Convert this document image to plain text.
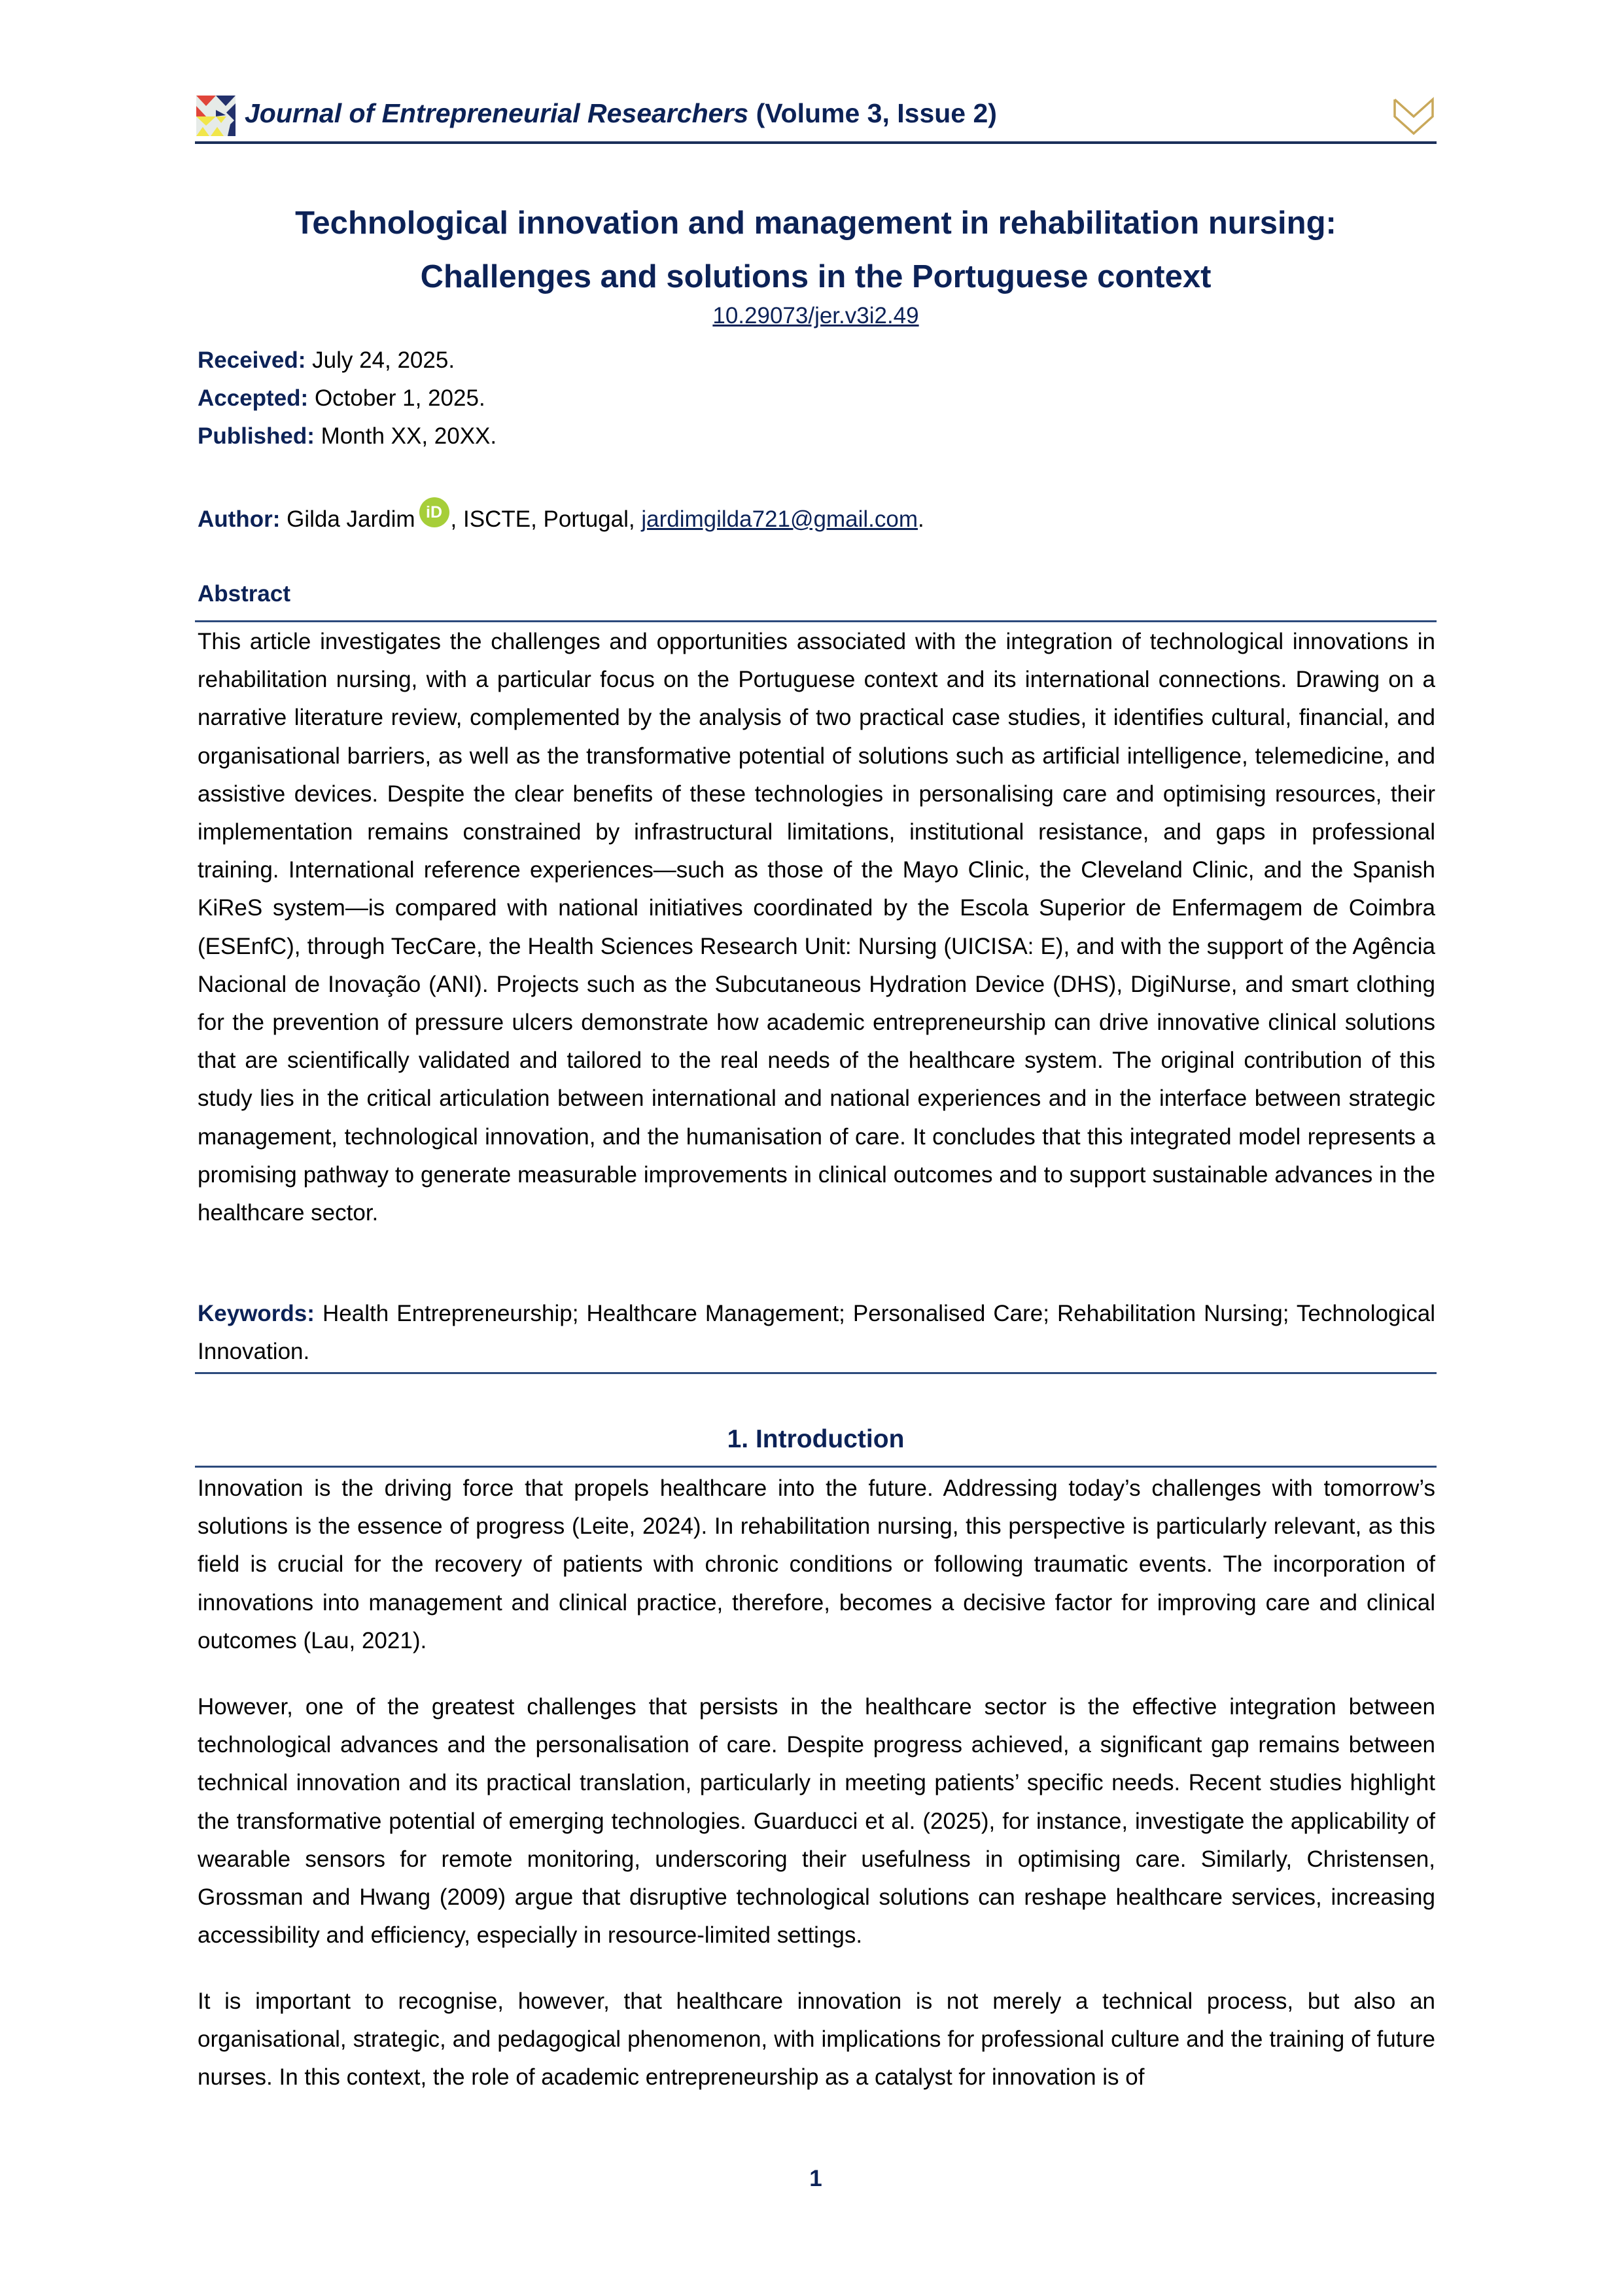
Journal of Entrepreneurial Researchers (Volume 3, Issue 2)
Technological innovation and management in rehabilitation nursing:
Challenges and solutions in the Portuguese context
10.29073/jer.v3i2.49
Received: July 24, 2025.
Accepted: October 1, 2025.
Published: Month XX, 20XX.
Author: Gilda Jardim iD , ISCTE, Portugal, jardimgilda721@gmail.com.
Abstract
This article investigates the challenges and opportunities associated with the integration of technological innovations in rehabilitation nursing, with a particular focus on the Portuguese context and its international connections. Drawing on a narrative literature review, complemented by the analysis of two practical case studies, it identifies cultural, financial, and organisational barriers, as well as the transformative potential of solutions such as artificial intelligence, telemedicine, and assistive devices. Despite the clear benefits of these technologies in personalising care and optimising resources, their implementation remains constrained by infrastructural limitations, institutional resistance, and gaps in professional training. International reference experiences—such as those of the Mayo Clinic, the Cleveland Clinic, and the Spanish KiReS system—is compared with national initiatives coordinated by the Escola Superior de Enfermagem de Coimbra (ESEnfC), through TecCare, the Health Sciences Research Unit: Nursing (UICISA: E), and with the support of the Agência Nacional de Inovação (ANI). Projects such as the Subcutaneous Hydration Device (DHS), DigiNurse, and smart clothing for the prevention of pressure ulcers demonstrate how academic entrepreneurship can drive innovative clinical solutions that are scientifically validated and tailored to the real needs of the healthcare system. The original contribution of this study lies in the critical articulation between international and national experiences and in the interface between strategic management, technological innovation, and the humanisation of care. It concludes that this integrated model represents a promising pathway to generate measurable improvements in clinical outcomes and to support sustainable advances in the healthcare sector.
Keywords: Health Entrepreneurship; Healthcare Management; Personalised Care; Rehabilitation Nursing; Technological Innovation.
1. Introduction
Innovation is the driving force that propels healthcare into the future. Addressing today’s challenges with tomorrow’s solutions is the essence of progress (Leite, 2024). In rehabilitation nursing, this perspective is particularly relevant, as this field is crucial for the recovery of patients with chronic conditions or following traumatic events. The incorporation of innovations into management and clinical practice, therefore, becomes a decisive factor for improving care and clinical outcomes (Lau, 2021).
However, one of the greatest challenges that persists in the healthcare sector is the effective integration between technological advances and the personalisation of care. Despite progress achieved, a significant gap remains between technical innovation and its practical translation, particularly in meeting patients’ specific needs. Recent studies highlight the transformative potential of emerging technologies. Guarducci et al. (2025), for instance, investigate the applicability of wearable sensors for remote monitoring, underscoring their usefulness in optimising care. Similarly, Christensen, Grossman and Hwang (2009) argue that disruptive technological solutions can reshape healthcare services, increasing accessibility and efficiency, especially in resource-limited settings.
It is important to recognise, however, that healthcare innovation is not merely a technical process, but also an organisational, strategic, and pedagogical phenomenon, with implications for professional culture and the training of future nurses. In this context, the role of academic entrepreneurship as a catalyst for innovation is of
1
